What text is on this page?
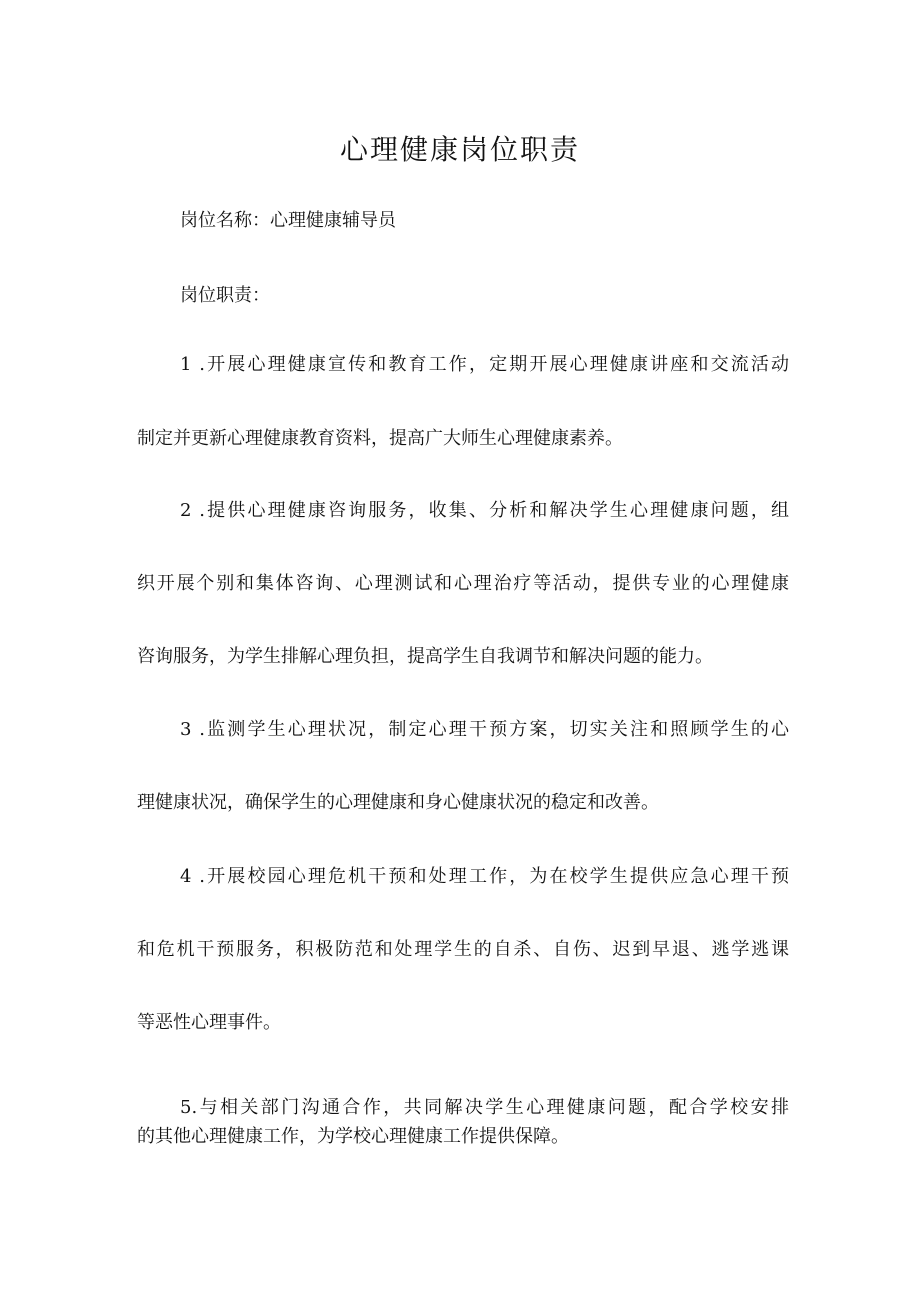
心理健康岗位职责
岗位名称：心理健康辅导员
岗位职责：
1 .开展心理健康宣传和教育工作，定期开展心理健康讲座和交流活动
制定并更新心理健康教育资料，提高广大师生心理健康素养。
2 .提供心理健康咨询服务，收集、分析和解决学生心理健康问题，组
织开展个别和集体咨询、心理测试和心理治疗等活动，提供专业的心理健康
咨询服务，为学生排解心理负担，提高学生自我调节和解决问题的能力。
3 .监测学生心理状况，制定心理干预方案，切实关注和照顾学生的心
理健康状况，确保学生的心理健康和身心健康状况的稳定和改善。
4 .开展校园心理危机干预和处理工作，为在校学生提供应急心理干预
和危机干预服务，积极防范和处理学生的自杀、自伤、迟到早退、逃学逃课
等恶性心理事件。
5.与相关部门沟通合作，共同解决学生心理健康问题，配合学校安排
的其他心理健康工作，为学校心理健康工作提供保障。
